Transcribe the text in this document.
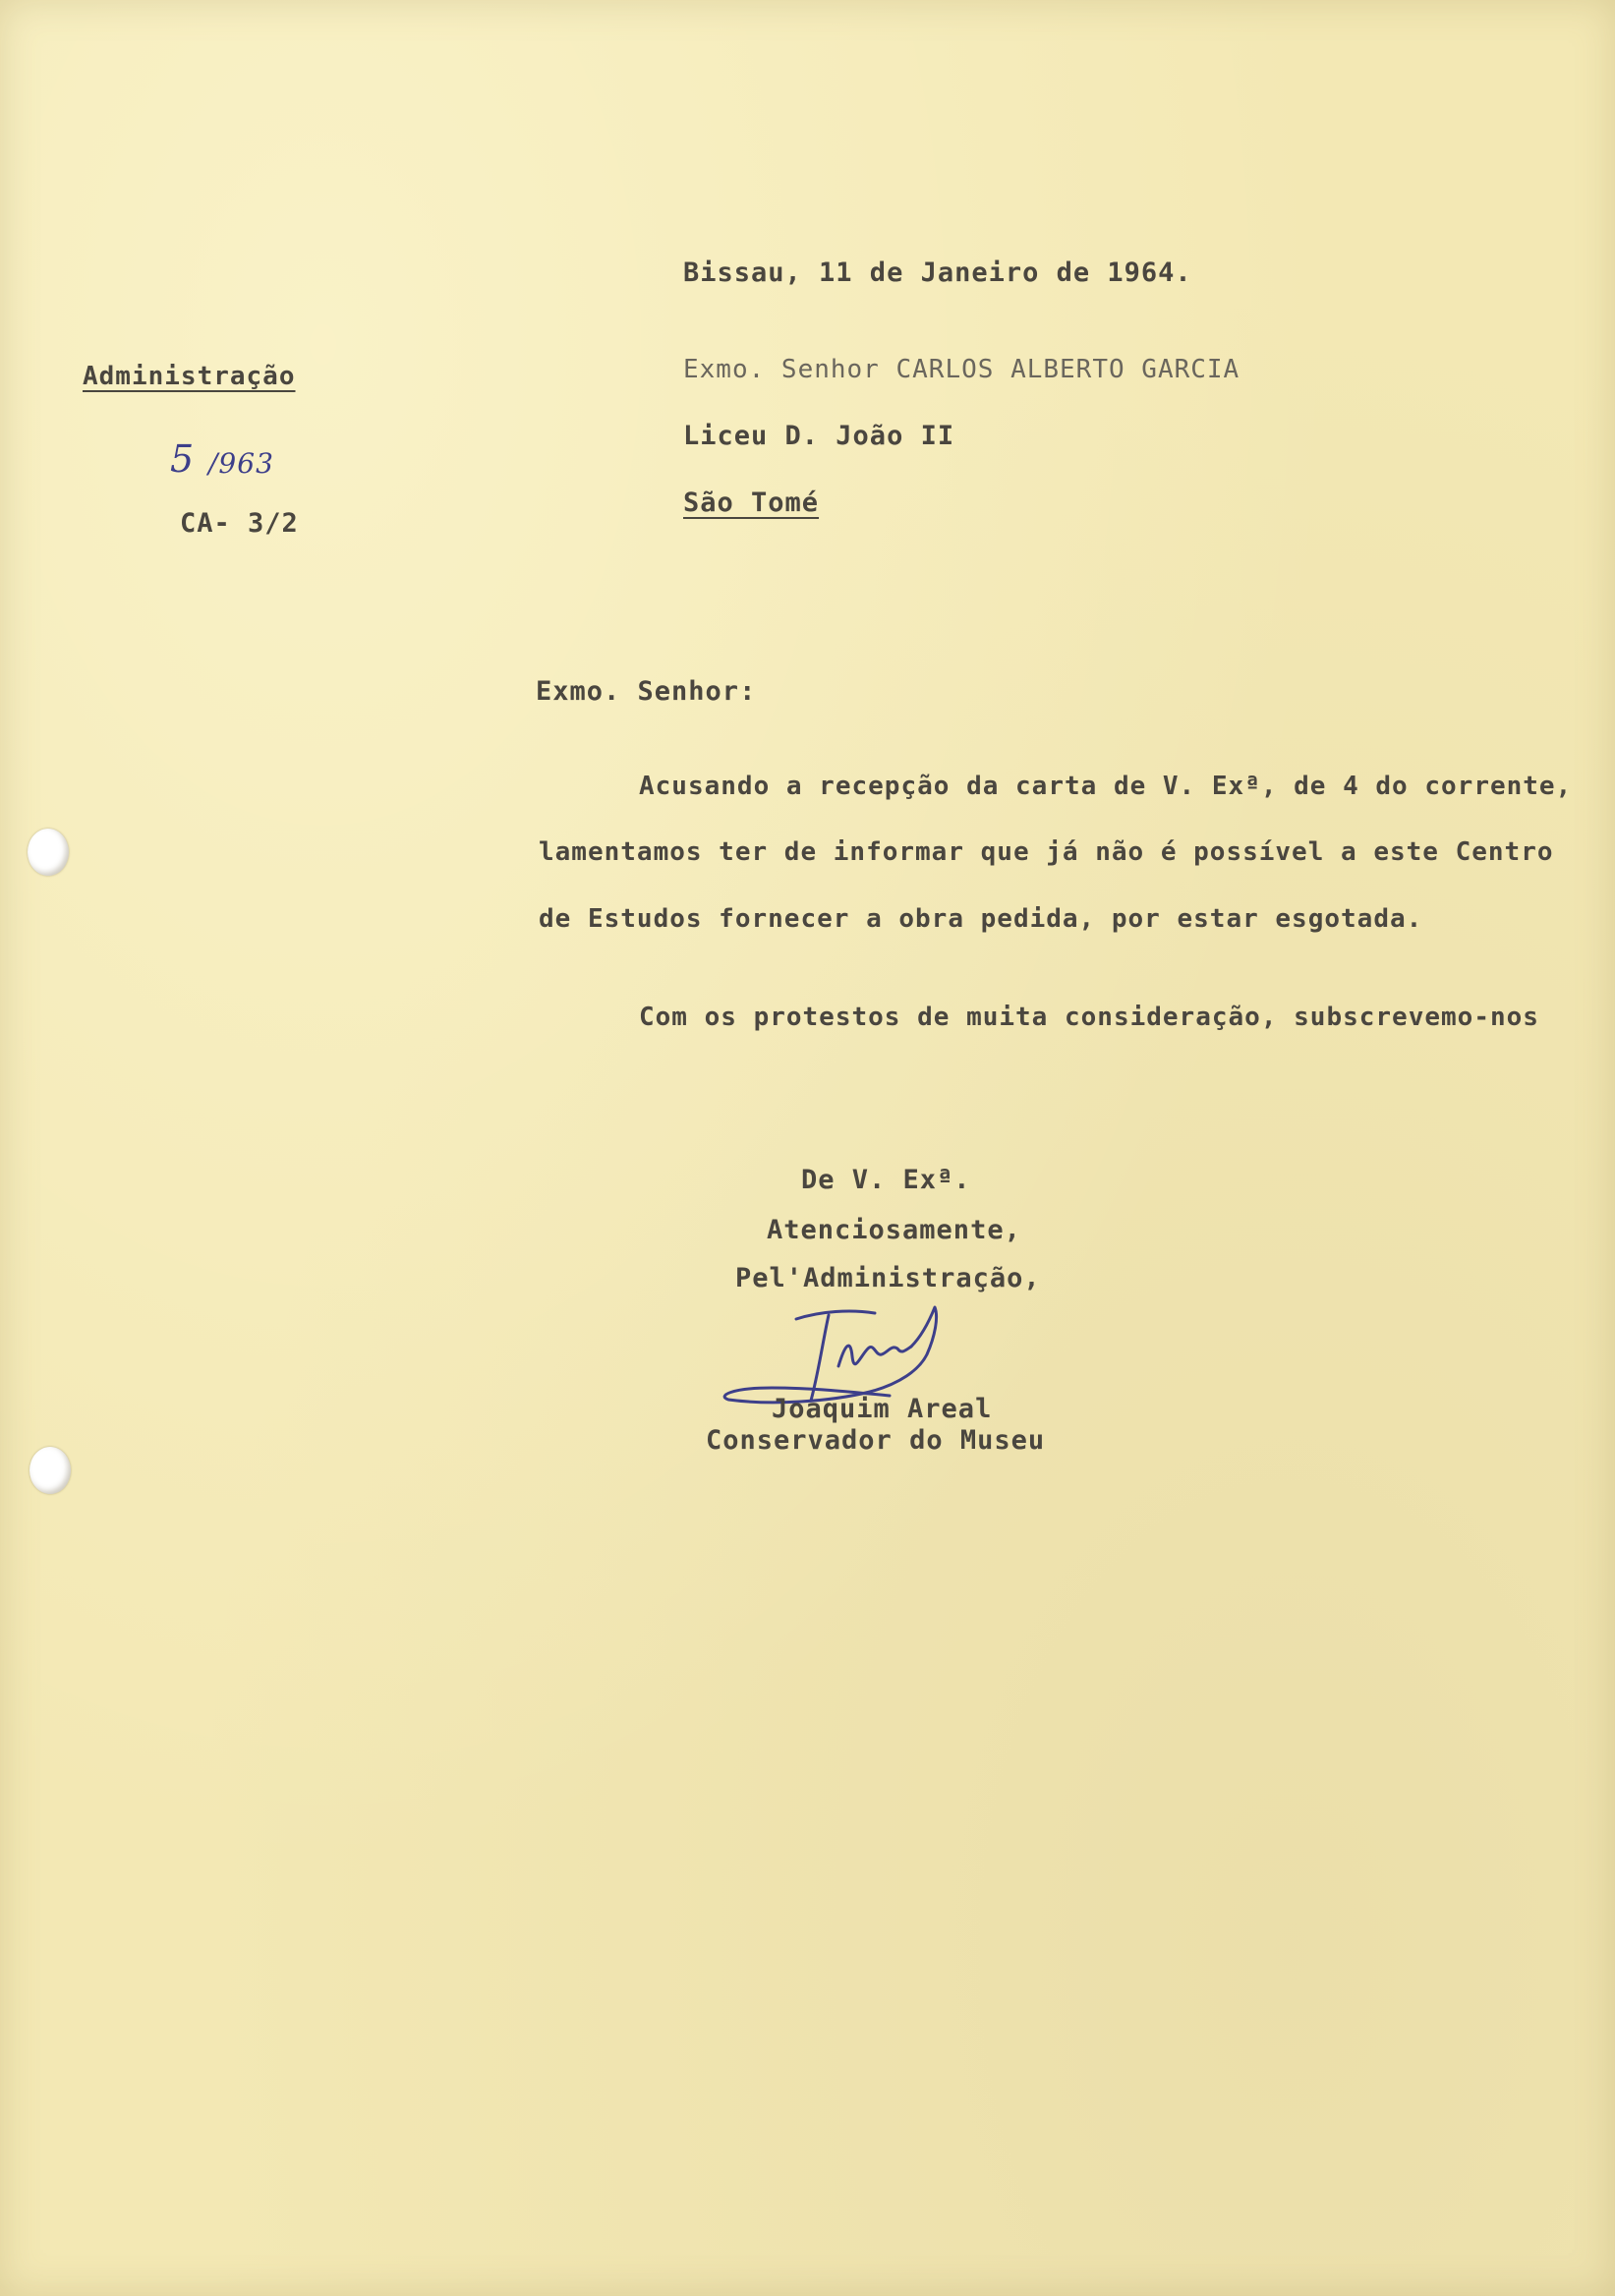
Administração
5 /963
CA- 3/2
Bissau, 11 de Janeiro de 1964.
Exmo. Senhor CARLOS ALBERTO GARCIA
Liceu D. João II
São Tomé
Exmo. Senhor:
Acusando a recepção da carta de V. Exª, de 4 do corrente,
lamentamos ter de informar que já não é possível a este Centro
de Estudos fornecer a obra pedida, por estar esgotada.
Com os protestos de muita consideração, subscrevemo-nos
De V. Exª.
Atenciosamente,
Pel'Administração,
Joaquim Areal
Conservador do Museu
